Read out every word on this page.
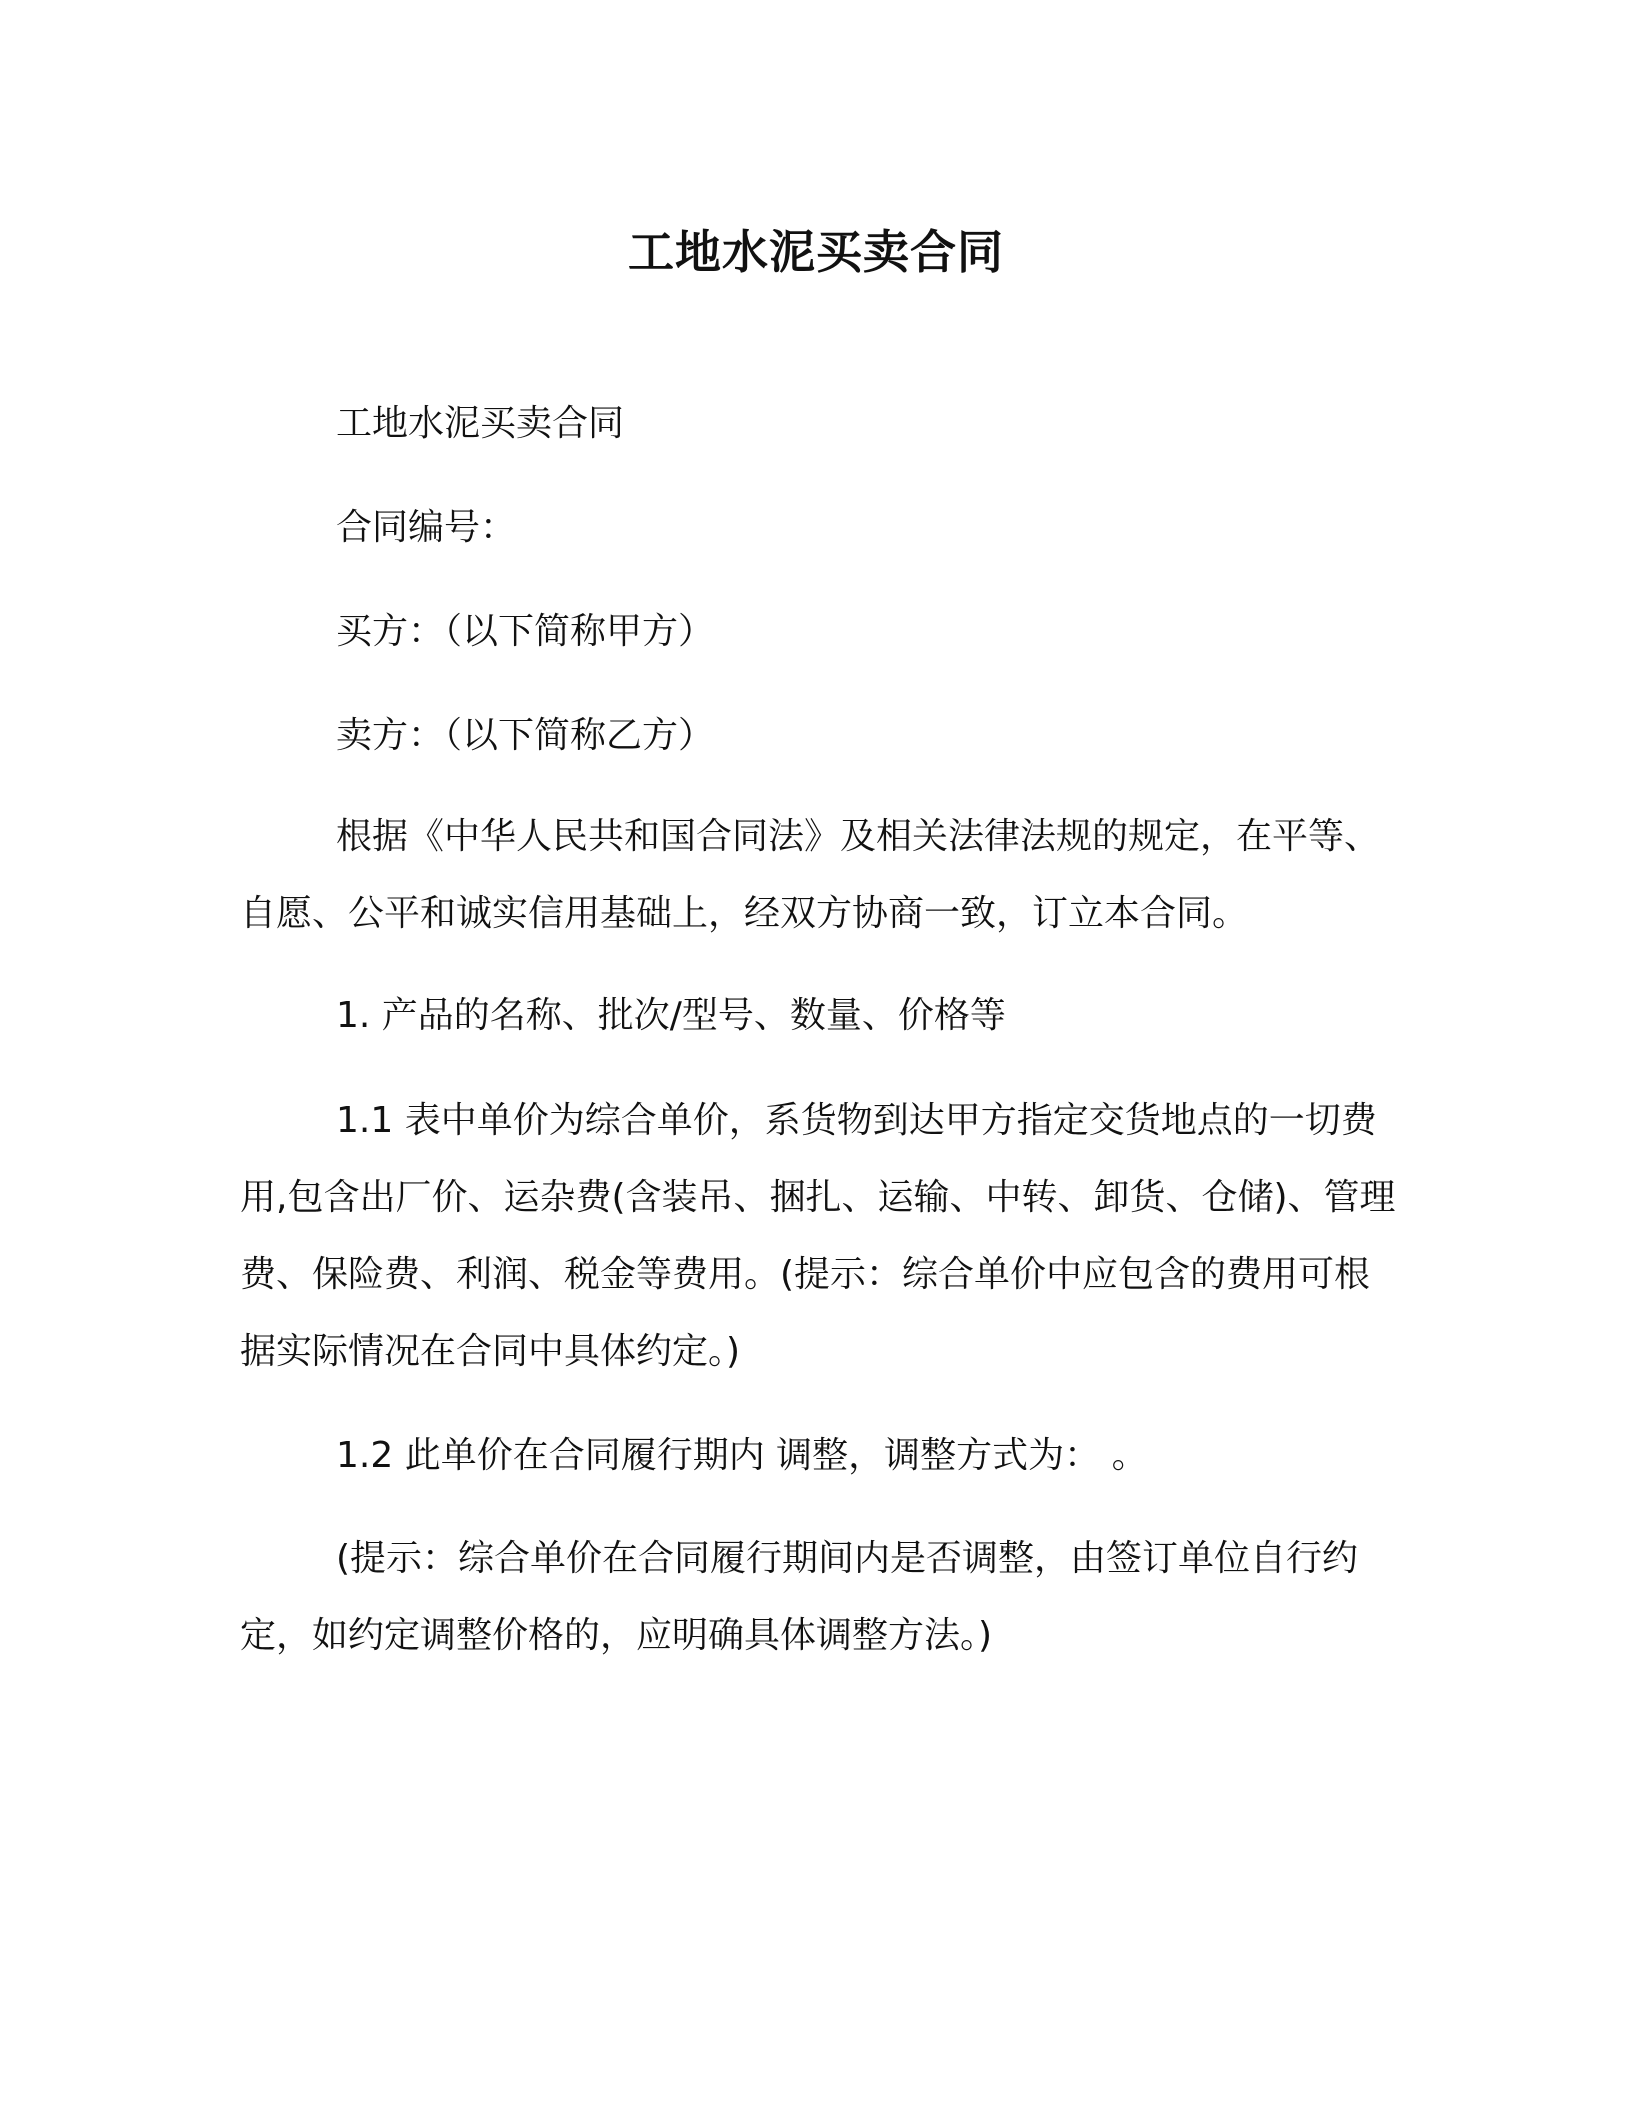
工地水泥买卖合同

工地水泥买卖合同

合同编号：

买方：（以下简称甲方）

卖方：（以下简称乙方）

根据《中华人民共和国合同法》及相关法律法规的规定，在平等、自愿、公平和诚实信用基础上，经双方协商一致，订立本合同。

1. 产品的名称、批次/型号、数量、价格等

1.1 表中单价为综合单价，系货物到达甲方指定交货地点的一切费用,包含出厂价、运杂费(含装吊、捆扎、运输、中转、卸货、仓储)、管理费、保险费、利润、税金等费用。(提示：综合单价中应包含的费用可根据实际情况在合同中具体约定。)

1.2 此单价在合同履行期内 调整，调整方式为： 。

(提示：综合单价在合同履行期间内是否调整，由签订单位自行约定，如约定调整价格的，应明确具体调整方法。)
